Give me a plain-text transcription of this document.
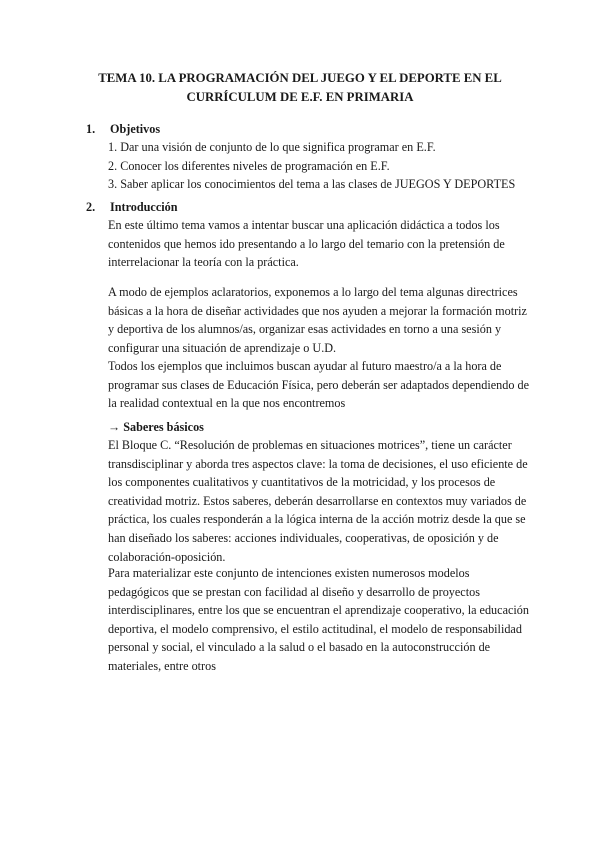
TEMA 10. LA PROGRAMACIÓN DEL JUEGO Y EL DEPORTE EN EL
CURRÍCULUM DE E.F. EN PRIMARIA
1. Objetivos
1. Dar una visión de conjunto de lo que significa programar en E.F.
2. Conocer los diferentes niveles de programación en E.F.
3. Saber aplicar los conocimientos del tema a las clases de JUEGOS Y DEPORTES
2. Introducción
En este último tema vamos a intentar buscar una aplicación didáctica a todos los
contenidos que hemos ido presentando a lo largo del temario con la pretensión de
interrelacionar la teoría con la práctica.
A modo de ejemplos aclaratorios, exponemos a lo largo del tema algunas directrices
básicas a la hora de diseñar actividades que nos ayuden a mejorar la formación motriz
y deportiva de los alumnos/as, organizar esas actividades en torno a una sesión y
configurar una situación de aprendizaje o U.D.
Todos los ejemplos que incluimos buscan ayudar al futuro maestro/a a la hora de
programar sus clases de Educación Física, pero deberán ser adaptados dependiendo de
la realidad contextual en la que nos encontremos
→ Saberes básicos
El Bloque C. “Resolución de problemas en situaciones motrices”, tiene un carácter
transdisciplinar y aborda tres aspectos clave: la toma de decisiones, el uso eficiente de
los componentes cualitativos y cuantitativos de la motricidad, y los procesos de
creatividad motriz. Estos saberes, deberán desarrollarse en contextos muy variados de
práctica, los cuales responderán a la lógica interna de la acción motriz desde la que se
han diseñado los saberes: acciones individuales, cooperativas, de oposición y de
colaboración-oposición.
Para materializar este conjunto de intenciones existen numerosos modelos
pedagógicos que se prestan con facilidad al diseño y desarrollo de proyectos
interdisciplinares, entre los que se encuentran el aprendizaje cooperativo, la educación
deportiva, el modelo comprensivo, el estilo actitudinal, el modelo de responsabilidad
personal y social, el vinculado a la salud o el basado en la autoconstrucción de
materiales, entre otros
